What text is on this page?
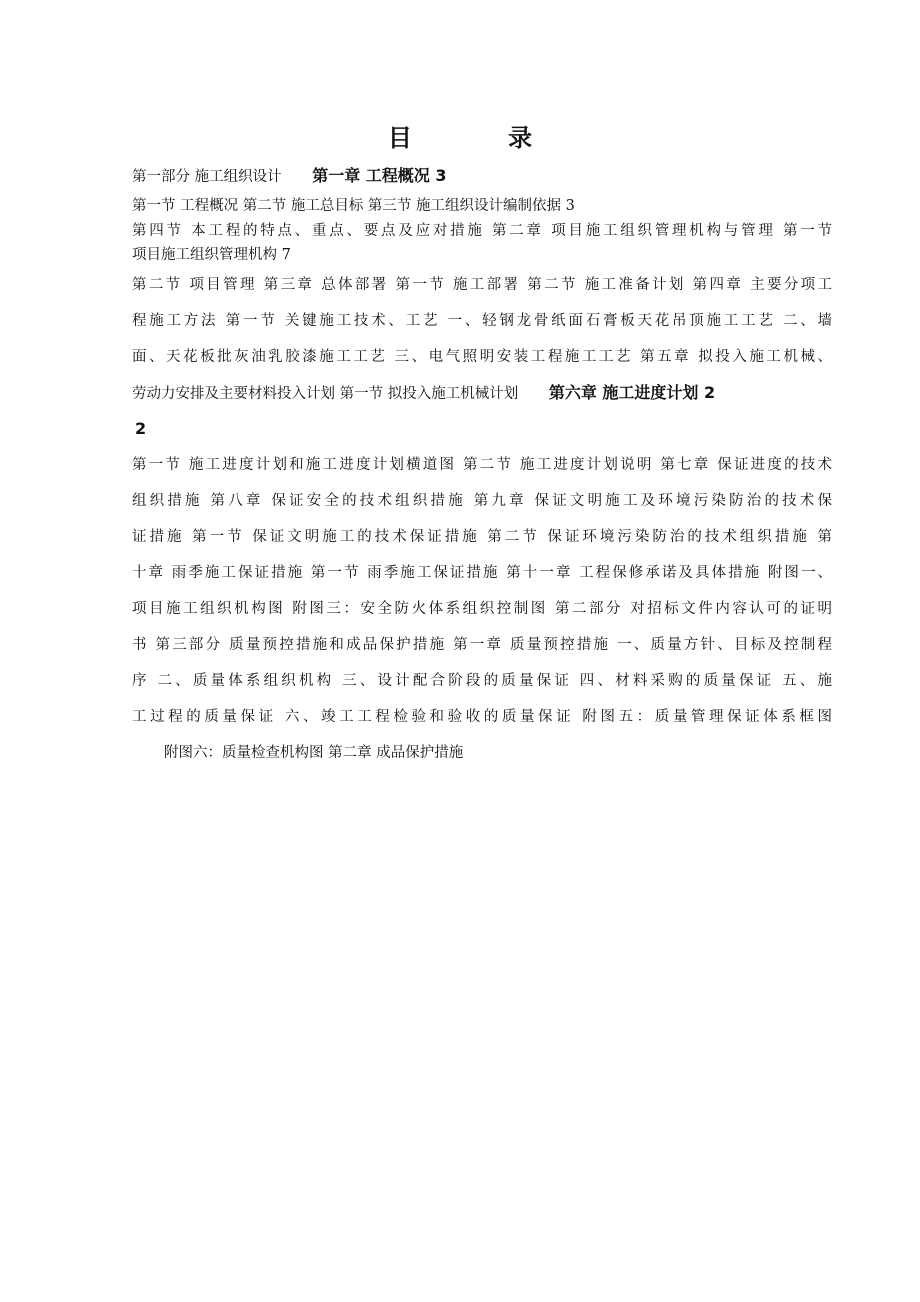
目 录
第一部分 施工组织设计 第一章 工程概况 3
第一节 工程概况 第二节 施工总目标 第三节 施工组织设计编制依据 3
第四节 本工程的特点、重点、要点及应对措施 第二章 项目施工组织管理机构与管理 第一节
项目施工组织管理机构 7
第二节 项目管理 第三章 总体部署 第一节 施工部署 第二节 施工准备计划 第四章 主要分项工
程施工方法 第一节 关键施工技术、工艺 一、轻钢龙骨纸面石膏板天花吊顶施工工艺 二、墙
面、天花板批灰油乳胶漆施工工艺 三、电气照明安装工程施工工艺 第五章 拟投入施工机械、
劳动力安排及主要材料投入计划 第一节 拟投入施工机械计划 第六章 施工进度计划 2
2
第一节 施工进度计划和施工进度计划横道图 第二节 施工进度计划说明 第七章 保证进度的技术
组织措施 第八章 保证安全的技术组织措施 第九章 保证文明施工及环境污染防治的技术保
证措施 第一节 保证文明施工的技术保证措施 第二节 保证环境污染防治的技术组织措施 第
十章 雨季施工保证措施 第一节 雨季施工保证措施 第十一章 工程保修承诺及具体措施 附图一、
项目施工组织机构图 附图三：安全防火体系组织控制图 第二部分 对招标文件内容认可的证明
书 第三部分 质量预控措施和成品保护措施 第一章 质量预控措施 一、质量方针、目标及控制程
序 二、质量体系组织机构 三、设计配合阶段的质量保证 四、材料采购的质量保证 五、施
工过程的质量保证 六、竣工工程检验和验收的质量保证 附图五：质量管理保证体系框图
附图六：质量检查机构图 第二章 成品保护措施
